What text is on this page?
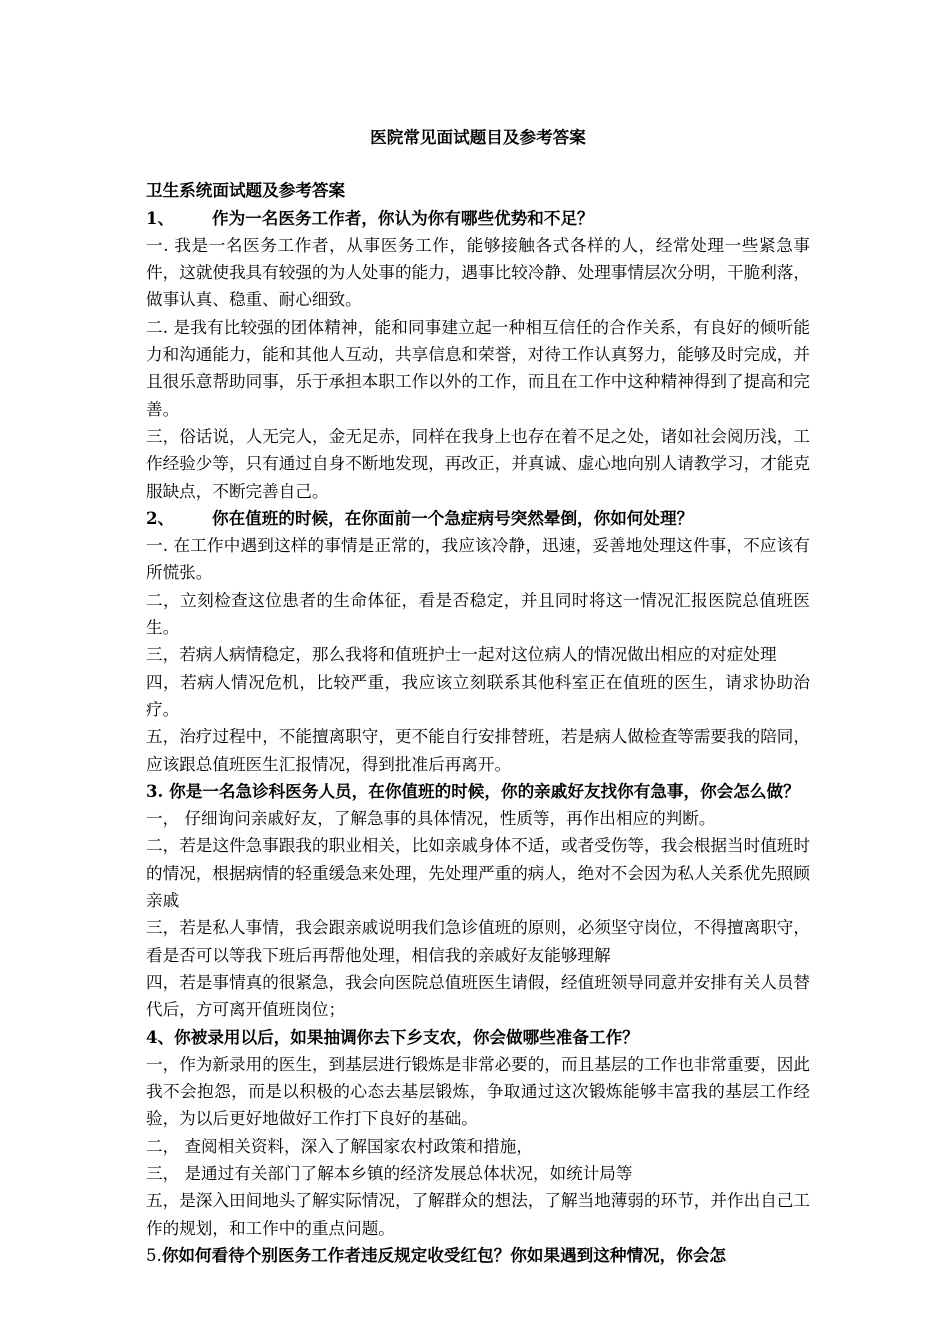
医院常见面试题目及参考答案

卫生系统面试题及参考答案

1、 作为一名医务工作者，你认为你有哪些优势和不足？

一. 我是一名医务工作者，从事医务工作，能够接触各式各样的人，经常处理一些紧急事件，这就使我具有较强的为人处事的能力，遇事比较冷静、处理事情层次分明，干脆利落，做事认真、稳重、耐心细致。

二. 是我有比较强的团体精神，能和同事建立起一种相互信任的合作关系，有良好的倾听能力和沟通能力，能和其他人互动，共享信息和荣誉，对待工作认真努力，能够及时完成，并且很乐意帮助同事，乐于承担本职工作以外的工作，而且在工作中这种精神得到了提高和完善。

三，俗话说，人无完人，金无足赤，同样在我身上也存在着不足之处，诸如社会阅历浅，工作经验少等，只有通过自身不断地发现，再改正，并真诚、虚心地向别人请教学习，才能克服缺点，不断完善自己。

2、 你在值班的时候，在你面前一个急症病号突然晕倒，你如何处理？

一. 在工作中遇到这样的事情是正常的，我应该冷静，迅速，妥善地处理这件事，不应该有所慌张。

二，立刻检查这位患者的生命体征，看是否稳定，并且同时将这一情况汇报医院总值班医生。

三，若病人病情稳定，那么我将和值班护士一起对这位病人的情况做出相应的对症处理

四，若病人情况危机，比较严重，我应该立刻联系其他科室正在值班的医生，请求协助治疗。

五，治疗过程中，不能擅离职守，更不能自行安排替班，若是病人做检查等需要我的陪同，应该跟总值班医生汇报情况，得到批准后再离开。

3. 你是一名急诊科医务人员，在你值班的时候，你的亲戚好友找你有急事，你会怎么做？

一， 仔细询问亲戚好友，了解急事的具体情况，性质等，再作出相应的判断。

二，若是这件急事跟我的职业相关，比如亲戚身体不适，或者受伤等，我会根据当时值班时的情况，根据病情的轻重缓急来处理，先处理严重的病人，绝对不会因为私人关系优先照顾亲戚

三，若是私人事情，我会跟亲戚说明我们急诊值班的原则，必须坚守岗位，不得擅离职守，看是否可以等我下班后再帮他处理，相信我的亲戚好友能够理解

四，若是事情真的很紧急，我会向医院总值班医生请假，经值班领导同意并安排有关人员替代后，方可离开值班岗位；

4、你被录用以后，如果抽调你去下乡支农，你会做哪些准备工作？

一，作为新录用的医生，到基层进行锻炼是非常必要的，而且基层的工作也非常重要，因此我不会抱怨，而是以积极的心态去基层锻炼，争取通过这次锻炼能够丰富我的基层工作经验，为以后更好地做好工作打下良好的基础。

二， 查阅相关资料，深入了解国家农村政策和措施，

三， 是通过有关部门了解本乡镇的经济发展总体状况，如统计局等

五，是深入田间地头了解实际情况，了解群众的想法，了解当地薄弱的环节，并作出自己工作的规划，和工作中的重点问题。

5.你如何看待个别医务工作者违反规定收受红包？你如果遇到这种情况，你会怎
